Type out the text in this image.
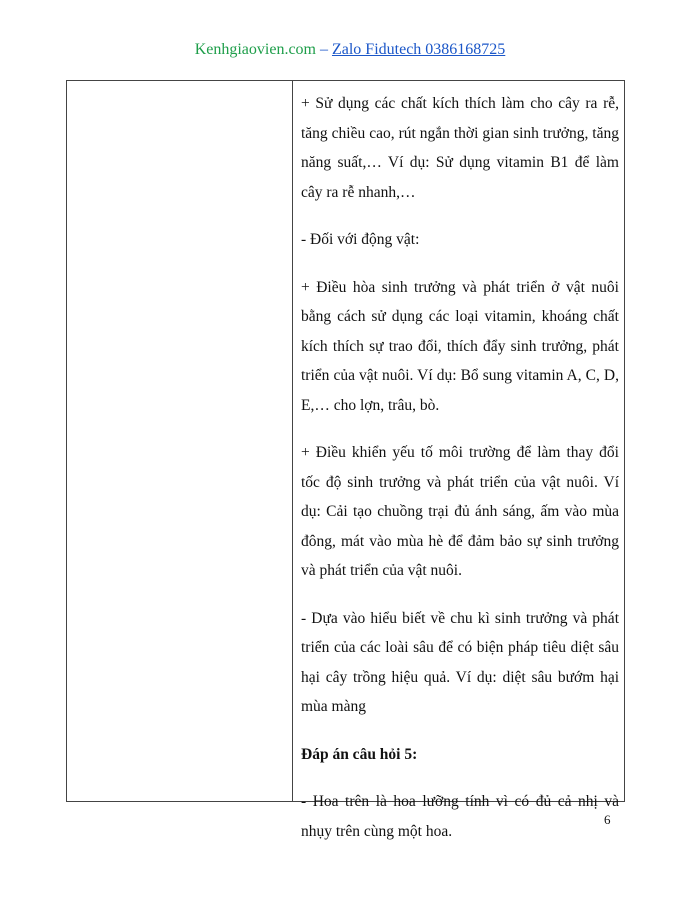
Kenhgiaovien.com – Zalo Fidutech 0386168725

+ Sử dụng các chất kích thích làm cho cây ra rễ, tăng chiều cao, rút ngắn thời gian sinh trưởng, tăng năng suất,… Ví dụ: Sử dụng vitamin B1 để làm cây ra rễ nhanh,…

- Đối với động vật:

+ Điều hòa sinh trưởng và phát triển ở vật nuôi bằng cách sử dụng các loại vitamin, khoáng chất kích thích sự trao đổi, thích đẩy sinh trưởng, phát triển của vật nuôi. Ví dụ: Bổ sung vitamin A, C, D, E,… cho lợn, trâu, bò.

+ Điều khiển yếu tố môi trường để làm thay đổi tốc độ sinh trưởng và phát triển của vật nuôi. Ví dụ: Cải tạo chuồng trại đủ ánh sáng, ấm vào mùa đông, mát vào mùa hè để đảm bảo sự sinh trưởng và phát triển của vật nuôi.

- Dựa vào hiểu biết về chu kì sinh trưởng và phát triển của các loài sâu để có biện pháp tiêu diệt sâu hại cây trồng hiệu quả. Ví dụ: diệt sâu bướm hại mùa màng

Đáp án câu hỏi 5:

- Hoa trên là hoa lưỡng tính vì có đủ cả nhị và nhụy trên cùng một hoa.

6
